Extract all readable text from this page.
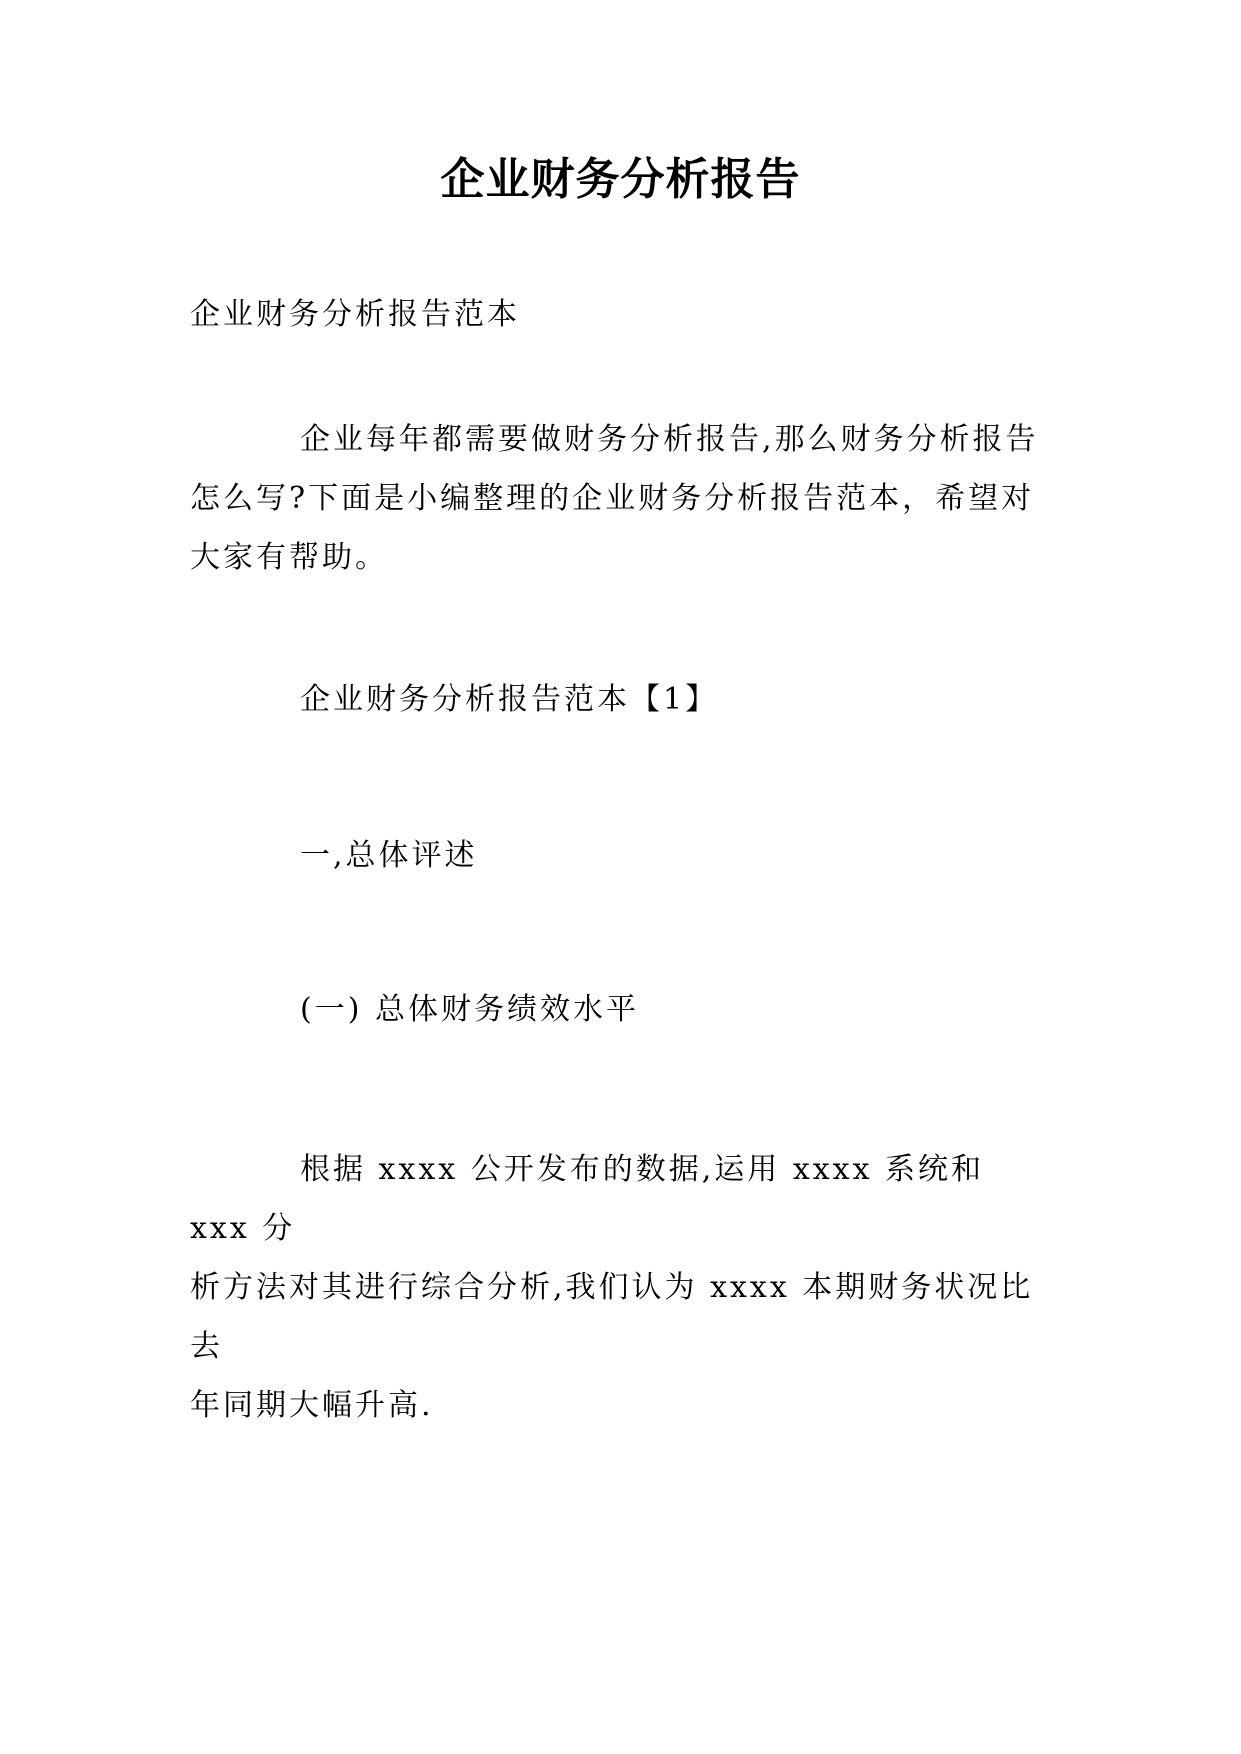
企业财务分析报告
企业财务分析报告范本
企业每年都需要做财务分析报告,那么财务分析报告
怎么写?下面是小编整理的企业财务分析报告范本，希望对
大家有帮助。
企业财务分析报告范本【1】
一,总体评述
(一) 总体财务绩效水平
根据 xxxx 公开发布的数据,运用 xxxx 系统和 xxx 分
析方法对其进行综合分析,我们认为 xxxx 本期财务状况比去
年同期大幅升高.
